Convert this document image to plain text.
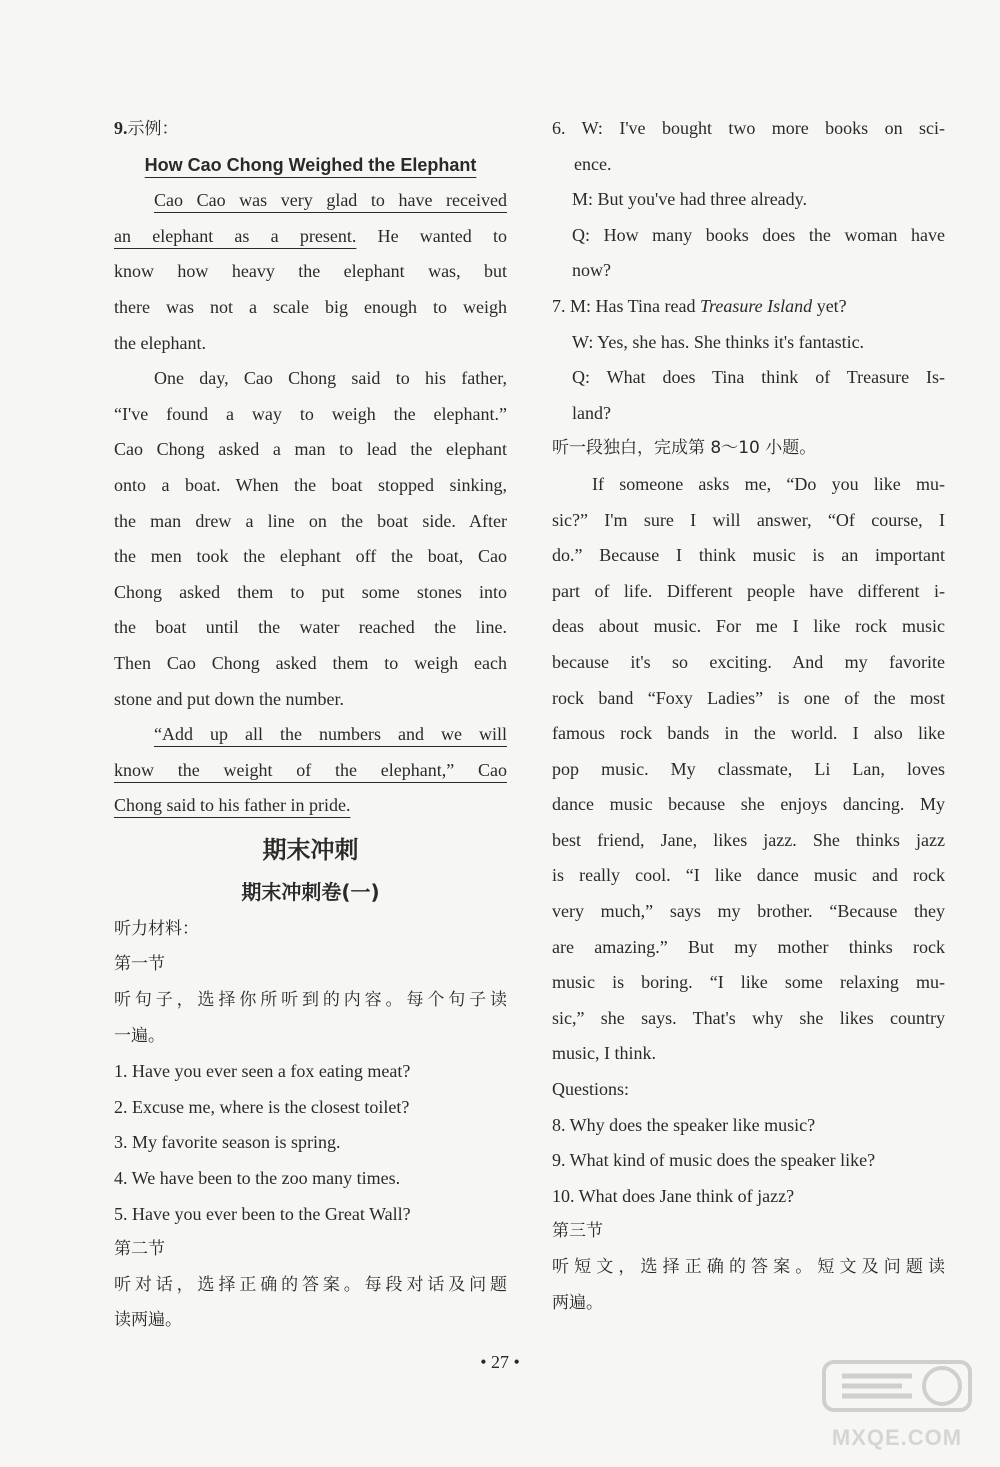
9.示例：

How Cao Chong Weighed the Elephant

Cao Cao was very glad to have received

an elephant as a present. He wanted to

know how heavy the elephant was, but

there was not a scale big enough to weigh

the elephant.

One day, Cao Chong said to his father,

“I've found a way to weigh the elephant.”

Cao Chong asked a man to lead the elephant

onto a boat. When the boat stopped sinking,

the man drew a line on the boat side. After

the men took the elephant off the boat, Cao

Chong asked them to put some stones into

the boat until the water reached the line.

Then Cao Chong asked them to weigh each

stone and put down the number.

“Add up all the numbers and we will

know the weight of the elephant,” Cao

Chong said to his father in pride.

期末冲刺

期末冲刺卷(一)

听力材料：

第一节

听句子，选择你所听到的内容。每个句子读

一遍。

1. Have you ever seen a fox eating meat?

2. Excuse me, where is the closest toilet?

3. My favorite season is spring.

4. We have been to the zoo many times.

5. Have you ever been to the Great Wall?

第二节

听对话，选择正确的答案。每段对话及问题

读两遍。

6. W: I've bought two more books on sci-

ence.

M: But you've had three already.

Q: How many books does the woman have

now?

7. M: Has Tina read Treasure Island yet?

W: Yes, she has. She thinks it's fantastic.

Q: What does Tina think of Treasure Is-

land?

听一段独白，完成第 8～10 小题。

If someone asks me, “Do you like mu-

sic?” I'm sure I will answer, “Of course, I

do.” Because I think music is an important

part of life. Different people have different i-

deas about music. For me I like rock music

because it's so exciting. And my favorite

rock band “Foxy Ladies” is one of the most

famous rock bands in the world. I also like

pop music. My classmate, Li Lan, loves

dance music because she enjoys dancing. My

best friend, Jane, likes jazz. She thinks jazz

is really cool. “I like dance music and rock

very much,” says my brother. “Because they

are amazing.” But my mother thinks rock

music is boring. “I like some relaxing mu-

sic,” she says. That's why she likes country

music, I think.

Questions:

8. Why does the speaker like music?

9. What kind of music does the speaker like?

10. What does Jane think of jazz?

第三节

听短文，选择正确的答案。短文及问题读

两遍。

• 27 •
MXQE.COM
